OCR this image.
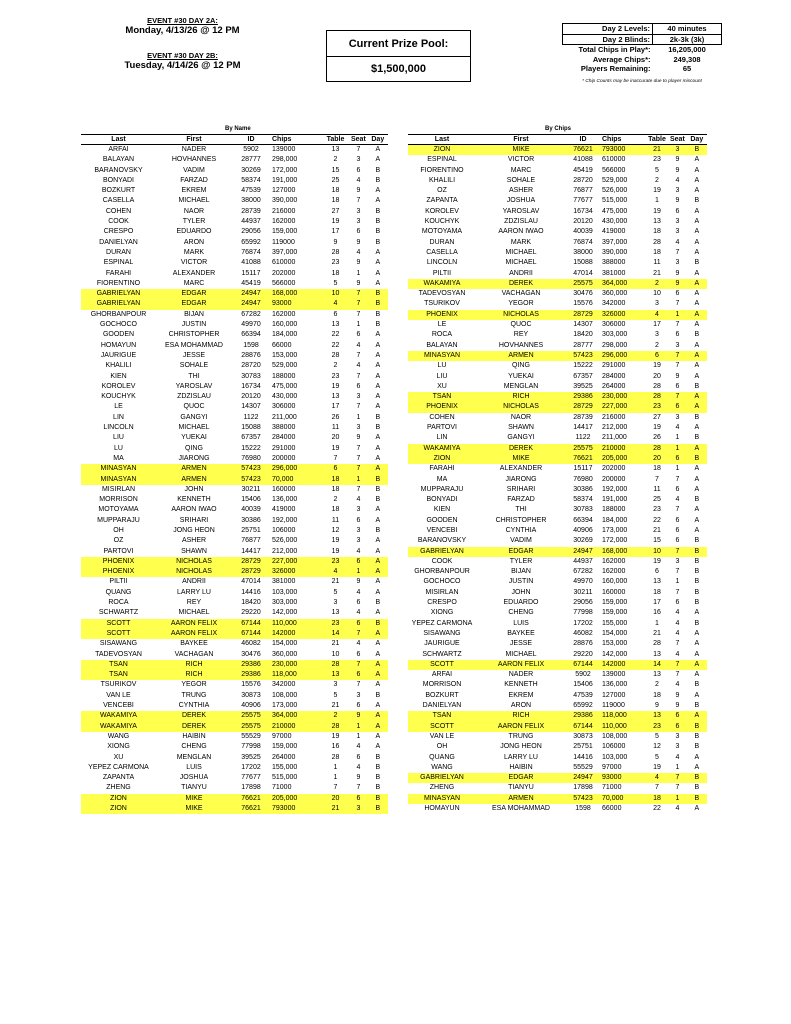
EVENT #30 DAY 2A:
Monday, 4/13/26 @ 12 PM
EVENT #30 DAY 2B:
Tuesday, 4/14/26 @ 12 PM
Current Prize Pool:
$1,500,000
Day 2 Levels:	40 minutes
Day 2 Blinds:	2k-3k (3k)
Total Chips in Play*:	16,205,000
Average Chips*:	249,308
Players Remaining:	65
* Chip Counts may be inaccurate due to player miscount
By Name	By Chips
Last	First	ID	Chips	Table	Seat	Day
ARFAI	NADER	5902	139000	13	7	A
BALAYAN	HOVHANNES	28777	298,000	2	3	A
BARANOVSKY	VADIM	30269	172,000	15	6	B
BONYADI	FARZAD	58374	191,000	25	4	B
BOZKURT	EKREM	47539	127000	18	9	A
CASELLA	MICHAEL	38000	390,000	18	7	A
COHEN	NAOR	28739	216000	27	3	B
COOK	TYLER	44937	162000	19	3	B
CRESPO	EDUARDO	29056	159,000	17	6	B
DANIELYAN	ARON	65992	119000	9	9	B
DURAN	MARK	76874	397,000	28	4	A
ESPINAL	VICTOR	41088	610000	23	9	A
FARAHI	ALEXANDER	15117	202000	18	1	A
FIORENTINO	MARC	45419	566000	5	9	A
GABRIELYAN	EDGAR	24947	168,000	10	7	B
GABRIELYAN	EDGAR	24947	93000	4	7	B
GHORBANPOUR	BIJAN	67282	162000	6	7	B
GOCHOCO	JUSTIN	49970	160,000	13	1	B
GOODEN	CHRISTOPHER	66394	184,000	22	6	A
HOMAYUN	ESA MOHAMMAD	1598	66000	22	4	A
JAURIGUE	JESSE	28876	153,000	28	7	A
KHALILI	SOHALE	28720	529,000	2	4	A
KIEN	THI	30783	188000	23	7	A
KOROLEV	YAROSLAV	16734	475,000	19	6	A
KOUCHYK	ZDZISLAU	20120	430,000	13	3	A
LE	QUOC	14307	306000	17	7	A
LIN	GANGYI	1122	211,000	26	1	B
LINCOLN	MICHAEL	15088	388000	11	3	B
LIU	YUEKAI	67357	284000	20	9	A
LU	QING	15222	291000	19	7	A
MA	JIARONG	76980	200000	7	7	A
MINASYAN	ARMEN	57423	296,000	6	7	A
MINASYAN	ARMEN	57423	70,000	18	1	B
MISIRLAN	JOHN	30211	160000	18	7	B
MORRISON	KENNETH	15406	136,000	2	4	B
MOTOYAMA	AARON IWAO	40039	419000	18	3	A
MUPPARAJU	SRIHARI	30386	192,000	11	6	A
OH	JONG HEON	25751	106000	12	3	B
OZ	ASHER	76877	526,000	19	3	A
PARTOVI	SHAWN	14417	212,000	19	4	A
PHOENIX	NICHOLAS	28729	227,000	23	6	A
PHOENIX	NICHOLAS	28729	326000	4	1	A
PILTII	ANDRII	47014	381000	21	9	A
QUANG	LARRY LU	14416	103,000	5	4	A
ROCA	REY	18420	303,000	3	6	B
SCHWARTZ	MICHAEL	29220	142,000	13	4	A
SCOTT	AARON FELIX	67144	110,000	23	6	B
SCOTT	AARON FELIX	67144	142000	14	7	A
SISAWANG	BAYKEE	46082	154,000	21	4	A
TADEVOSYAN	VACHAGAN	30476	360,000	10	6	A
TSAN	RICH	29386	230,000	28	7	A
TSAN	RICH	29386	118,000	13	6	A
TSURIKOV	YEGOR	15576	342000	3	7	A
VAN LE	TRUNG	30873	108,000	5	3	B
VENCEBI	CYNTHIA	40906	173,000	21	6	A
WAKAMIYA	DEREK	25575	364,000	2	9	A
WAKAMIYA	DEREK	25575	210000	28	1	A
WANG	HAIBIN	55529	97000	19	1	A
XIONG	CHENG	77998	159,000	16	4	A
XU	MENGLAN	39525	264000	28	6	B
YEPEZ CARMONA	LUIS	17202	155,000	1	4	B
ZAPANTA	JOSHUA	77677	515,000	1	9	B
ZHENG	TIANYU	17898	71000	7	7	B
ZION	MIKE	76621	205,000	20	6	B
ZION	MIKE	76621	793000	21	3	B
Last	First	ID	Chips	Table	Seat	Day
ZION	MIKE	76621	793000	21	3	B
ESPINAL	VICTOR	41088	610000	23	9	A
FIORENTINO	MARC	45419	566000	5	9	A
KHALILI	SOHALE	28720	529,000	2	4	A
OZ	ASHER	76877	526,000	19	3	A
ZAPANTA	JOSHUA	77677	515,000	1	9	B
KOROLEV	YAROSLAV	16734	475,000	19	6	A
KOUCHYK	ZDZISLAU	20120	430,000	13	3	A
MOTOYAMA	AARON IWAO	40039	419000	18	3	A
DURAN	MARK	76874	397,000	28	4	A
CASELLA	MICHAEL	38000	390,000	18	7	A
LINCOLN	MICHAEL	15088	388000	11	3	B
PILTII	ANDRII	47014	381000	21	9	A
WAKAMIYA	DEREK	25575	364,000	2	9	A
TADEVOSYAN	VACHAGAN	30476	360,000	10	6	A
TSURIKOV	YEGOR	15576	342000	3	7	A
PHOENIX	NICHOLAS	28729	326000	4	1	A
LE	QUOC	14307	306000	17	7	A
ROCA	REY	18420	303,000	3	6	B
BALAYAN	HOVHANNES	28777	298,000	2	3	A
MINASYAN	ARMEN	57423	296,000	6	7	A
LU	QING	15222	291000	19	7	A
LIU	YUEKAI	67357	284000	20	9	A
XU	MENGLAN	39525	264000	28	6	B
TSAN	RICH	29386	230,000	28	7	A
PHOENIX	NICHOLAS	28729	227,000	23	6	A
COHEN	NAOR	28739	216000	27	3	B
PARTOVI	SHAWN	14417	212,000	19	4	A
LIN	GANGYI	1122	211,000	26	1	B
WAKAMIYA	DEREK	25575	210000	28	1	A
ZION	MIKE	76621	205,000	20	6	B
FARAHI	ALEXANDER	15117	202000	18	1	A
MA	JIARONG	76980	200000	7	7	A
MUPPARAJU	SRIHARI	30386	192,000	11	6	A
BONYADI	FARZAD	58374	191,000	25	4	B
KIEN	THI	30783	188000	23	7	A
GOODEN	CHRISTOPHER	66394	184,000	22	6	A
VENCEBI	CYNTHIA	40906	173,000	21	6	A
BARANOVSKY	VADIM	30269	172,000	15	6	B
GABRIELYAN	EDGAR	24947	168,000	10	7	B
COOK	TYLER	44937	162000	19	3	B
GHORBANPOUR	BIJAN	67282	162000	6	7	B
GOCHOCO	JUSTIN	49970	160,000	13	1	B
MISIRLAN	JOHN	30211	160000	18	7	B
CRESPO	EDUARDO	29056	159,000	17	6	B
XIONG	CHENG	77998	159,000	16	4	A
YEPEZ CARMONA	LUIS	17202	155,000	1	4	B
SISAWANG	BAYKEE	46082	154,000	21	4	A
JAURIGUE	JESSE	28876	153,000	28	7	A
SCHWARTZ	MICHAEL	29220	142,000	13	4	A
SCOTT	AARON FELIX	67144	142000	14	7	A
ARFAI	NADER	5902	139000	13	7	A
MORRISON	KENNETH	15406	136,000	2	4	B
BOZKURT	EKREM	47539	127000	18	9	A
DANIELYAN	ARON	65992	119000	9	9	B
TSAN	RICH	29386	118,000	13	6	A
SCOTT	AARON FELIX	67144	110,000	23	6	B
VAN LE	TRUNG	30873	108,000	5	3	B
OH	JONG HEON	25751	106000	12	3	B
QUANG	LARRY LU	14416	103,000	5	4	A
WANG	HAIBIN	55529	97000	19	1	A
GABRIELYAN	EDGAR	24947	93000	4	7	B
ZHENG	TIANYU	17898	71000	7	7	B
MINASYAN	ARMEN	57423	70,000	18	1	B
HOMAYUN	ESA MOHAMMAD	1598	66000	22	4	A
